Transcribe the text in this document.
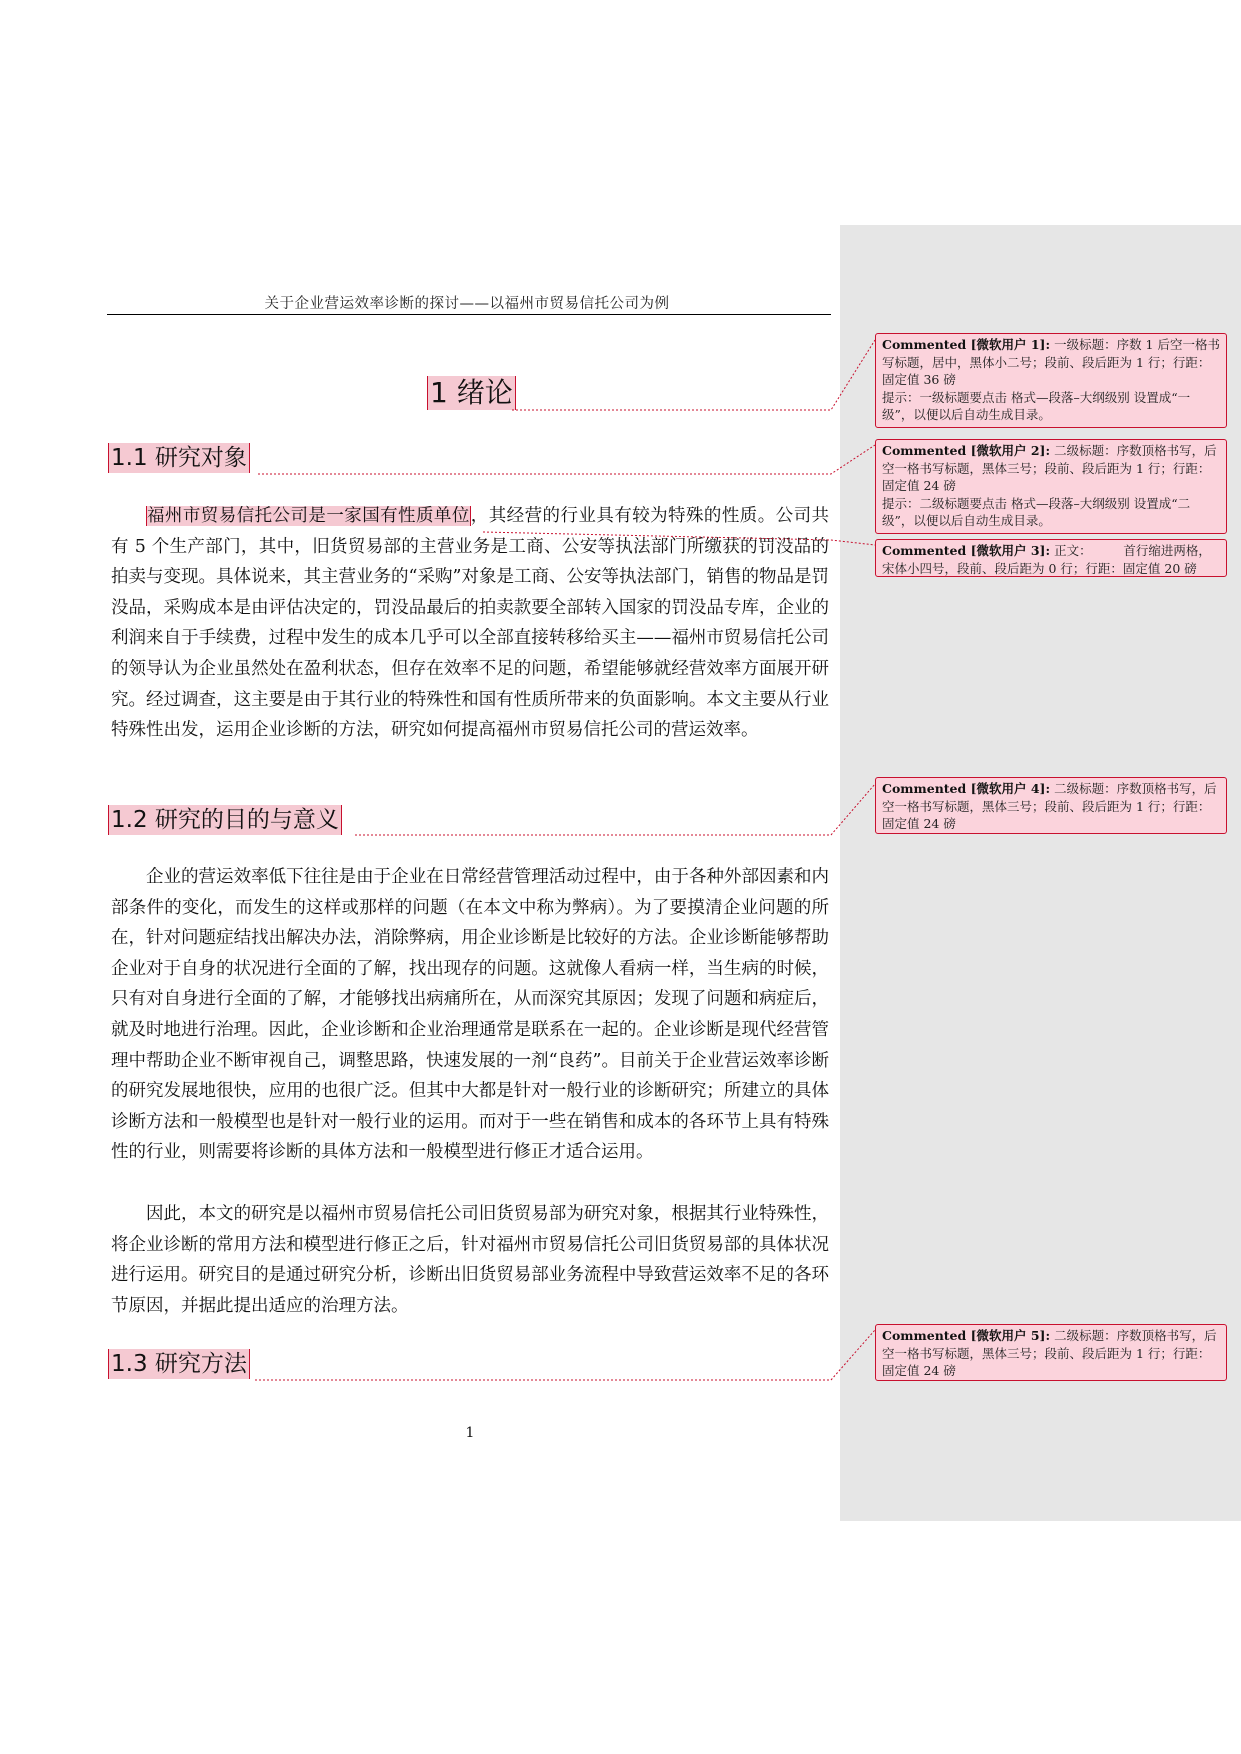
关于企业营运效率诊断的探讨——以福州市贸易信托公司为例
1 绪论
1.1 研究对象

福州市贸易信托公司是一家国有性质单位，其经营的行业具有较为特殊的性质。公司共有 5 个生产部门，其中，旧货贸易部的主营业务是工商、公安等执法部门所缴获的罚没品的拍卖与变现。具体说来，其主营业务的“采购”对象是工商、公安等执法部门，销售的物品是罚没品，采购成本是由评估决定的，罚没品最后的拍卖款要全部转入国家的罚没品专库，企业的利润来自于手续费，过程中发生的成本几乎可以全部直接转移给买主——福州市贸易信托公司的领导认为企业虽然处在盈利状态，但存在效率不足的问题，希望能够就经营效率方面展开研究。经过调查，这主要是由于其行业的特殊性和国有性质所带来的负面影响。本文主要从行业特殊性出发，运用企业诊断的方法，研究如何提高福州市贸易信托公司的营运效率。

1.2 研究的目的与意义

企业的营运效率低下往往是由于企业在日常经营管理活动过程中，由于各种外部因素和内部条件的变化，而发生的这样或那样的问题（在本文中称为弊病）。为了要摸清企业问题的所在，针对问题症结找出解决办法，消除弊病，用企业诊断是比较好的方法。企业诊断能够帮助企业对于自身的状况进行全面的了解，找出现存的问题。这就像人看病一样，当生病的时候，只有对自身进行全面的了解，才能够找出病痛所在，从而深究其原因；发现了问题和病症后，就及时地进行治理。因此，企业诊断和企业治理通常是联系在一起的。企业诊断是现代经营管理中帮助企业不断审视自己，调整思路，快速发展的一剂“良药”。目前关于企业营运效率诊断的研究发展地很快，应用的也很广泛。但其中大都是针对一般行业的诊断研究；所建立的具体诊断方法和一般模型也是针对一般行业的运用。而对于一些在销售和成本的各环节上具有特殊性的行业，则需要将诊断的具体方法和一般模型进行修正才适合运用。

因此，本文的研究是以福州市贸易信托公司旧货贸易部为研究对象，根据其行业特殊性，将企业诊断的常用方法和模型进行修正之后，针对福州市贸易信托公司旧货贸易部的具体状况进行运用。研究目的是通过研究分析，诊断出旧货贸易部业务流程中导致营运效率不足的各环节原因，并据此提出适应的治理方法。

1.3 研究方法
1
Commented [微软用户 1]: 一级标题：序数 1 后空一格书写标题，居中，黑体小二号；段前、段后距为 1 行；行距：固定值 36 磅
提示：一级标题要点击 格式—段落–大纲级别 设置成“一级”，以便以后自动生成目录。
Commented [微软用户 2]: 二级标题：序数顶格书写，后空一格书写标题，黑体三号；段前、段后距为 1 行；行距：固定值 24 磅
提示：二级标题要点击 格式—段落–大纲级别 设置成“二级”，以便以后自动生成目录。
Commented [微软用户 3]: 正文：        首行缩进两格，宋体小四号，段前、段后距为 0 行；行距：固定值 20 磅
Commented [微软用户 4]: 二级标题：序数顶格书写，后空一格书写标题，黑体三号；段前、段后距为 1 行；行距：固定值 24 磅
Commented [微软用户 5]: 二级标题：序数顶格书写，后空一格书写标题，黑体三号；段前、段后距为 1 行；行距：固定值 24 磅
